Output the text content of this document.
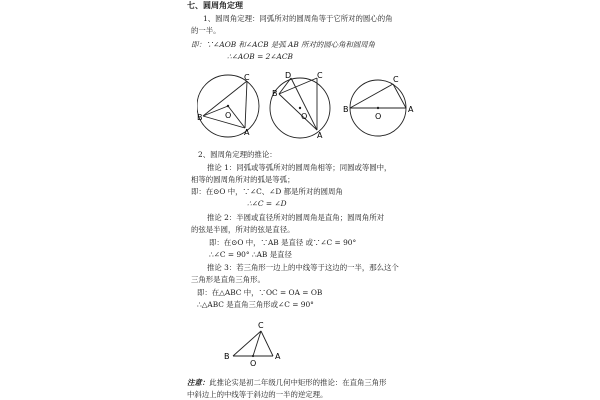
七、圆周角定理
1、圆周角定理：同弧所对的圆周角等于它所对的圆心的角
的一半。
即：∵∠AOB 和∠ACB 是弧 AB 所对的圆心角和圆周角
∴∠AOB = 2∠ACB
C
B	O
A
D	C
B
O
A
C
B
O
A
2、圆周角定理的推论：
推论 1：同弧或等弧所对的圆周角相等；同圆或等圆中，
相等的圆周角所对的弧是等弧；
即：在⊙O 中，∵∠C、∠D 都是所对的圆周角
∴∠C = ∠D
推论 2：半圆或直径所对的圆周角是直角；圆周角所对
的弦是半圆，所对的弦是直径。
即：在⊙O 中，∵AB 是直径 或∵∠C = 90°
∴∠C = 90° ∴AB 是直径
推论 3：若三角形一边上的中线等于这边的一半，那么这个
三角形是直角三角形。
即：在△ABC 中，∵OC = OA = OB
∴△ABC 是直角三角形或∠C = 90°
C
B
O
A
注意：此推论实是初二年级几何中矩形的推论：在直角三角形
中斜边上的中线等于斜边的一半的逆定理。
